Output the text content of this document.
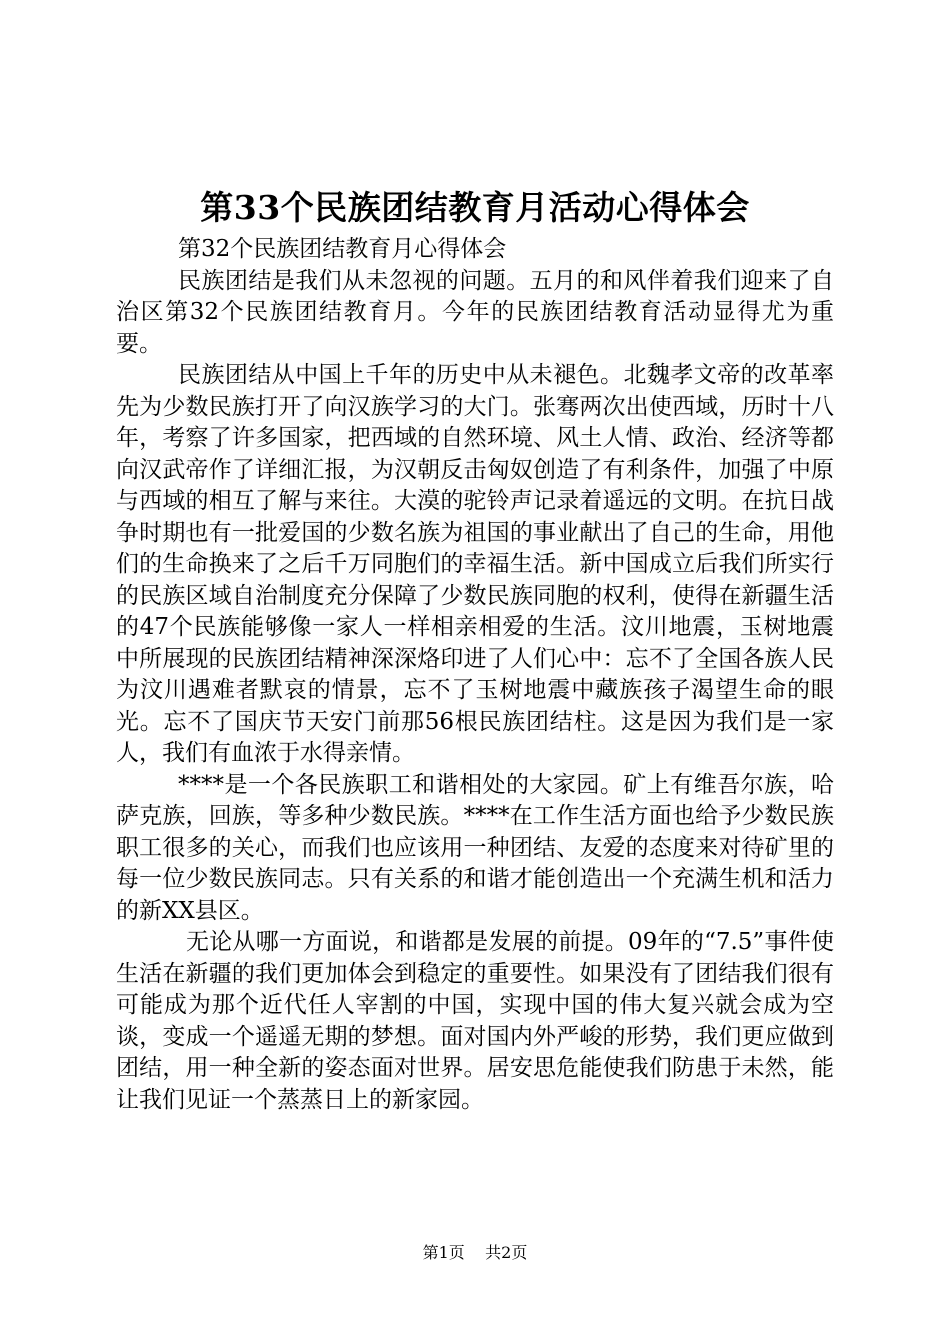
第33个民族团结教育月活动心得体会

第32个民族团结教育月心得体会

民族团结是我们从未忽视的问题。五月的和风伴着我们迎来了自治区第32个民族团结教育月。今年的民族团结教育活动显得尤为重要。

民族团结从中国上千年的历史中从未褪色。北魏孝文帝的改革率先为少数民族打开了向汉族学习的大门。张骞两次出使西域，历时十八年，考察了许多国家，把西域的自然环境、风土人情、政治、经济等都向汉武帝作了详细汇报，为汉朝反击匈奴创造了有利条件，加强了中原与西域的相互了解与来往。大漠的驼铃声记录着遥远的文明。在抗日战争时期也有一批爱国的少数名族为祖国的事业献出了自己的生命，用他们的生命换来了之后千万同胞们的幸福生活。新中国成立后我们所实行的民族区域自治制度充分保障了少数民族同胞的权利，使得在新疆生活的47个民族能够像一家人一样相亲相爱的生活。汶川地震，玉树地震中所展现的民族团结精神深深烙印进了人们心中：忘不了全国各族人民为汶川遇难者默哀的情景，忘不了玉树地震中藏族孩子渴望生命的眼光。忘不了国庆节天安门前那56根民族团结柱。这是因为我们是一家人，我们有血浓于水得亲情。

****是一个各民族职工和谐相处的大家园。矿上有维吾尔族，哈萨克族，回族，等多种少数民族。****在工作生活方面也给予少数民族职工很多的关心，而我们也应该用一种团结、友爱的态度来对待矿里的每一位少数民族同志。只有关系的和谐才能创造出一个充满生机和活力的新XX县区。

无论从哪一方面说，和谐都是发展的前提。09年的“7.5”事件使生活在新疆的我们更加体会到稳定的重要性。如果没有了团结我们很有可能成为那个近代任人宰割的中国，实现中国的伟大复兴就会成为空谈，变成一个遥遥无期的梦想。面对国内外严峻的形势，我们更应做到团结，用一种全新的姿态面对世界。居安思危能使我们防患于未然，能让我们见证一个蒸蒸日上的新家园。

第1页 共2页
